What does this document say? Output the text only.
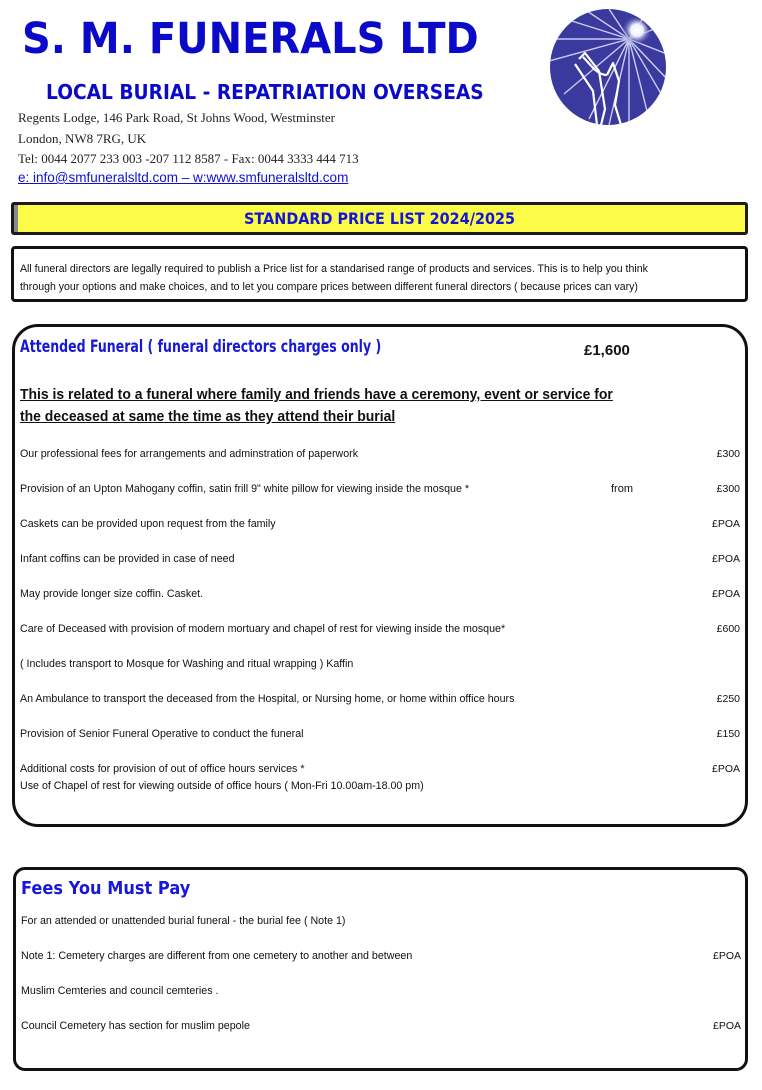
S. M. FUNERALS LTD
LOCAL BURIAL - REPATRIATION OVERSEAS
Regents Lodge, 146 Park Road, St Johns Wood, Westminster
London, NW8 7RG, UK
Tel: 0044 2077 233 003 -207 112 8587 - Fax: 0044 3333 444 713
e: info@smfuneralsltd.com – w:www.smfuneralsltd.com
STANDARD PRICE LIST 2024/2025

All funeral directors are legally required to publish a Price list for a standarised range of products and services. This is to help you think

through your options and make choices, and to let you compare prices between different funeral directors ( because prices can vary)

Attended Funeral ( funeral directors charges only )	£1,600
This is related to a funeral where family and friends have a ceremony, event or service for
the deceased at same the time as they attend their burial
Our professional fees for arrangements and adminstration of paperwork	£300
Provision of an Upton Mahogany coffin, satin frill 9" white pillow for viewing inside the mosque *	from	£300
Caskets can be provided upon request from the family	£POA
Infant coffins can be provided in case of need	£POA
May provide longer size coffin. Casket.	£POA
Care of Deceased with provision of modern mortuary and chapel of rest for viewing inside the mosque*	£600
( Includes transport to Mosque for Washing and ritual wrapping ) Kaffin
An Ambulance to transport the deceased from the Hospital, or Nursing home, or home within office hours	£250
Provision of Senior Funeral Operative to conduct the funeral	£150
Additional costs for provision of out of office hours services *	£POA
Use of Chapel of rest for viewing outside of office hours ( Mon-Fri 10.00am-18.00 pm)
Fees You Must Pay
For an attended or unattended burial funeral - the burial fee ( Note 1)
Note 1: Cemetery charges are different from one cemetery to another and between	£POA
Muslim Cemteries and council cemteries .
Council Cemetery has section for muslim pepole	£POA
